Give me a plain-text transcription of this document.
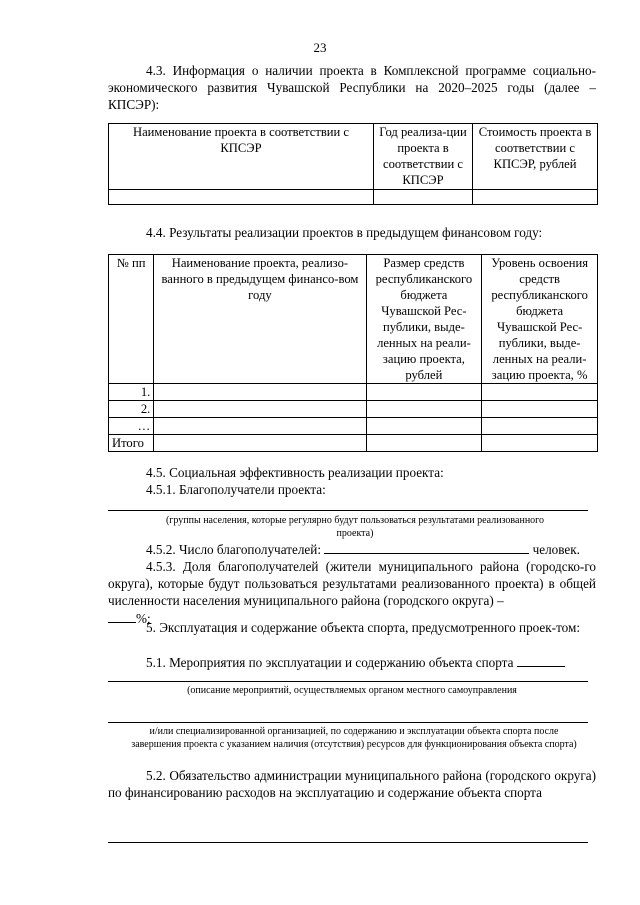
23
4.3. Информация о наличии проекта в Комплексной программе социально-экономического развития Чувашской Республики на 2020–2025 годы (далее – КПСЭР):
Наименование проекта в соответствии с КПСЭР	Год реализа-ции проекта в соответствии с КПСЭР	Стоимость проекта в соответствии с КПСЭР, рублей

4.4. Результаты реализации проектов в предыдущем финансовом году:
№ пп	Наименование проекта, реализо-ванного в предыдущем финансо-вом году	Размер средств республиканского бюджета Чувашской Рес-публики, выде-ленных на реали-зацию проекта, рублей	Уровень освоения средств республиканского бюджета Чувашской Рес-публики, выде-ленных на реали-зацию проекта, %
1.			
2.			
…			
Итого			
4.5. Социальная эффективность реализации проекта:
4.5.1. Благополучатели проекта:
(группы населения, которые регулярно будут пользоваться результатами реализованного проекта)
4.5.2. Число благополучателей:	человек.
4.5.3. Доля благополучателей (жители муниципального района (городско-го округа), которые будут пользоваться результатами реализованного проекта) в общей численности населения муниципального района (городского округа) –
%;
5. Эксплуатация и содержание объекта спорта, предусмотренного проек-том:
5.1. Мероприятия по эксплуатации и содержанию объекта спорта
(описание мероприятий, осуществляемых органом местного самоуправления
и/или специализированной организацией, по содержанию и эксплуатации объекта спорта после завершения проекта с указанием наличия (отсутствия) ресурсов для функционирования объекта спорта)
5.2. Обязательство администрации муниципального района (городского округа) по финансированию расходов на эксплуатацию и содержание объекта спорта
